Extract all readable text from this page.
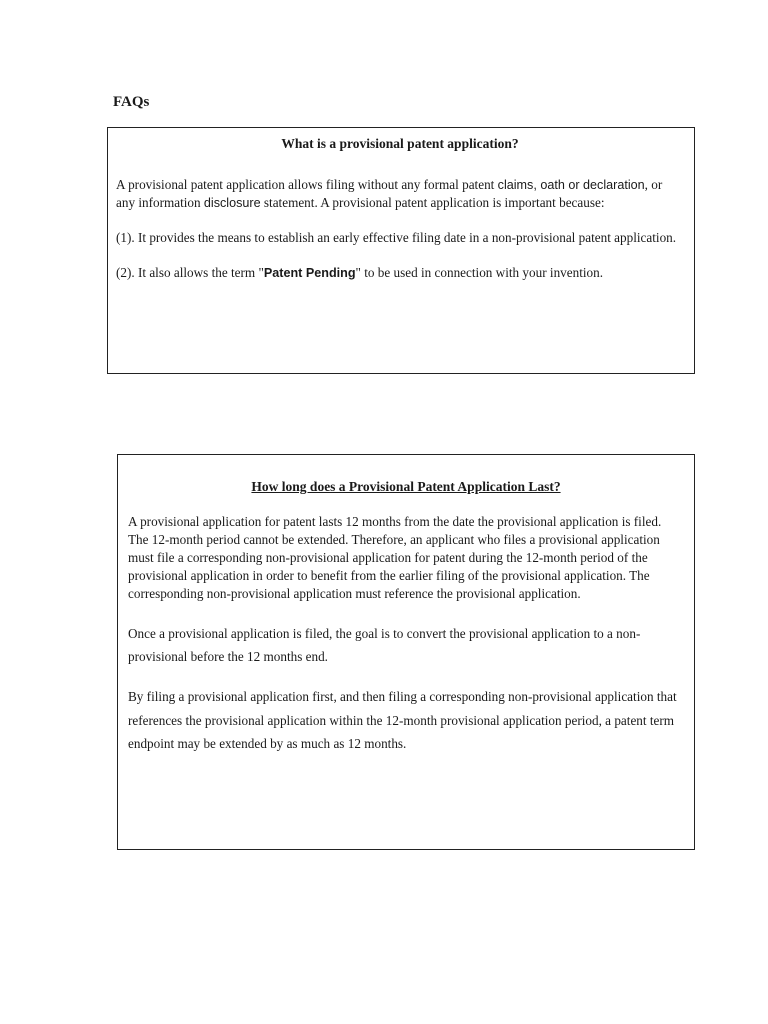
FAQs

What is a provisional patent application?

A provisional patent application allows filing without any formal patent claims, oath or declaration, or any information disclosure statement. A provisional patent application is important because:

(1). It provides the means to establish an early effective filing date in a non-provisional patent application.

(2). It also allows the term "Patent Pending" to be used in connection with your invention.

How long does a Provisional Patent Application Last?

A provisional application for patent lasts 12 months from the date the provisional application is filed. The 12-month period cannot be extended. Therefore, an applicant who files a provisional application must file a corresponding non-provisional application for patent during the 12-month period of the provisional application in order to benefit from the earlier filing of the provisional application. The corresponding non-provisional application must reference the provisional application.

Once a provisional application is filed, the goal is to convert the provisional application to a non-provisional before the 12 months end.

By filing a provisional application first, and then filing a corresponding non-provisional application that references the provisional application within the 12-month provisional application period, a patent term endpoint may be extended by as much as 12 months.
